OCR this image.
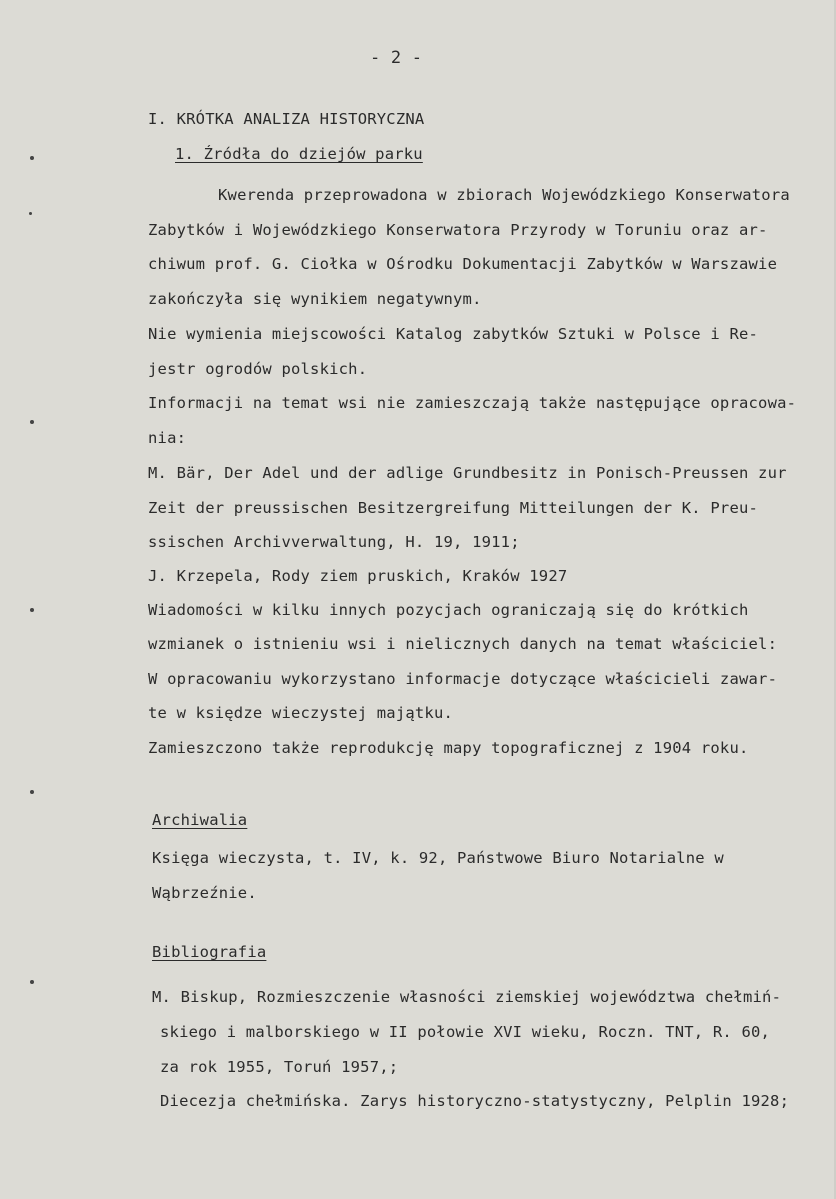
- 2 -
I. KRÓTKA ANALIZA HISTORYCZNA
1. Źródła do dziejów parku
Kwerenda przeprowadona w zbiorach Wojewódzkiego Konserwatora
Zabytków i Wojewódzkiego Konserwatora Przyrody w Toruniu oraz ar-
chiwum prof. G. Ciołka w Ośrodku Dokumentacji Zabytków w Warszawie
zakończyła się wynikiem negatywnym.
Nie wymienia miejscowości Katalog zabytków Sztuki w Polsce i Re-
jestr ogrodów polskich.
Informacji na temat wsi nie zamieszczają także następujące opracowa-
nia:
M. Bär, Der Adel und der adlige Grundbesitz in Ponisch-Preussen zur
Zeit der preussischen Besitzergreifung Mitteilungen der K. Preu-
ssischen Archivverwaltung, H. 19, 1911;
J. Krzepela, Rody ziem pruskich, Kraków 1927
Wiadomości w kilku innych pozycjach ograniczają się do krótkich
wzmianek o istnieniu wsi i nielicznych danych na temat właściciel:
W opracowaniu wykorzystano informacje dotyczące właścicieli zawar-
te w księdze wieczystej majątku.
Zamieszczono także reprodukcję mapy topograficznej z 1904 roku.
Archiwalia
Księga wieczysta, t. IV, k. 92, Państwowe Biuro Notarialne w
Wąbrzeźnie.
Bibliografia
M. Biskup, Rozmieszczenie własności ziemskiej województwa chełmiń-
skiego i malborskiego w II połowie XVI wieku, Roczn. TNT, R. 60,
za rok 1955, Toruń 1957,;
Diecezja chełmińska. Zarys historyczno-statystyczny, Pelplin 1928;
